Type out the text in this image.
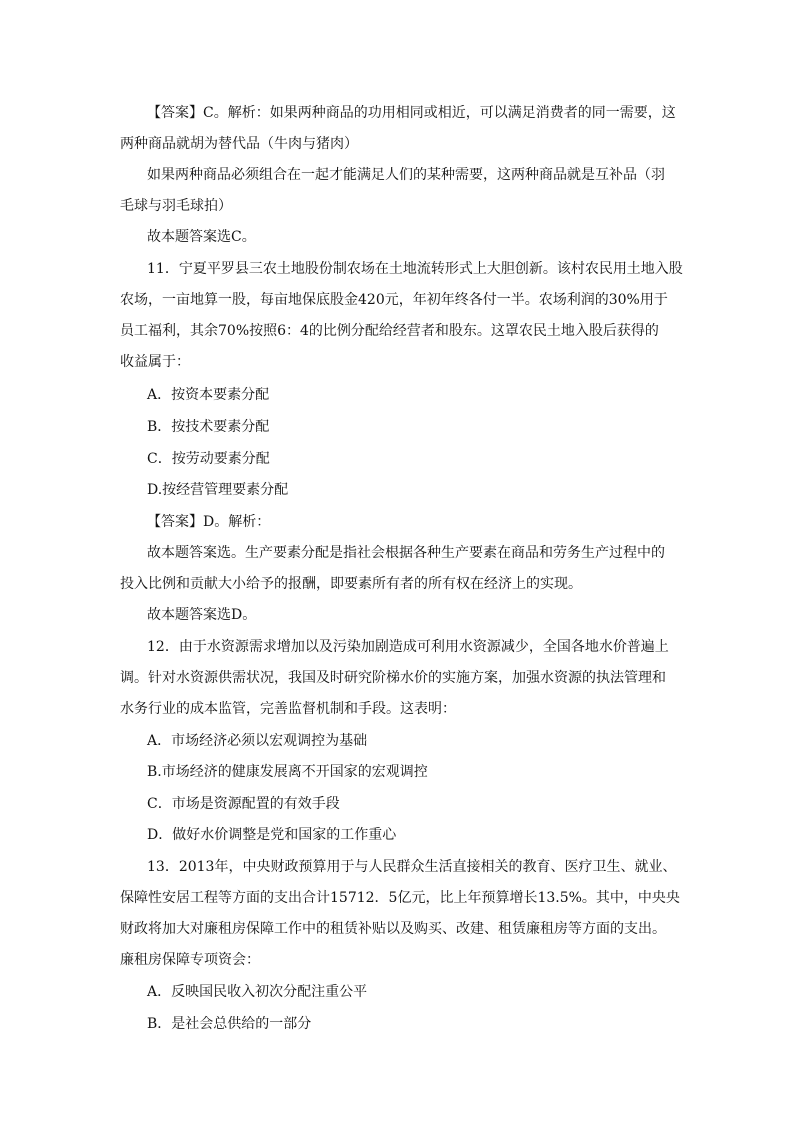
【答案】C。解析：如果两种商品的功用相同或相近，可以满足消费者的同一需要，这
两种商品就胡为替代品（牛肉与猪肉）
如果两种商品必须组合在一起才能满足人们的某种需要，这两种商品就是互补品（羽
毛球与羽毛球拍）
故本题答案选C。
11．宁夏平罗县三农土地股份制农场在土地流转形式上大胆创新。该村农民用土地入股
农场，一亩地算一股，每亩地保底股金420元，年初年终各付一半。农场利润的30%用于
员工福利，其余70%按照6：4的比例分配给经营者和股东。这罩农民土地入股后获得的
收益属于：
A．按资本要素分配
B．按技术要素分配
C．按劳动要素分配
D.按经营管理要素分配
【答案】D。解析：
故本题答案选。生产要素分配是指社会根据各种生产要素在商品和劳务生产过程中的
投入比例和贡献大小给予的报酬，即要素所有者的所有权在经济上的实现。
故本题答案选D。
12．由于水资源需求增加以及污染加剧造成可利用水资源减少，全国各地水价普遍上
调。针对水资源供需状况，我国及时研究阶梯水价的实施方案，加强水资源的执法管理和
水务行业的成本监管，完善监督机制和手段。这表明：
A．市场经济必须以宏观调控为基础
B.市场经济的健康发展离不开国家的宏观调控
C．市场是资源配置的有效手段
D．做好水价调整是党和国家的工作重心
13．2013年，中央财政预算用于与人民群众生活直接相关的教育、医疗卫生、就业、
保障性安居工程等方面的支出合计15712．5亿元，比上年预算增长13.5%。其中，中央央
财政将加大对廉租房保障工作中的租赁补贴以及购买、改建、租赁廉租房等方面的支出。
廉租房保障专项资会：
A．反映国民收入初次分配注重公平
B．是社会总供给的一部分
